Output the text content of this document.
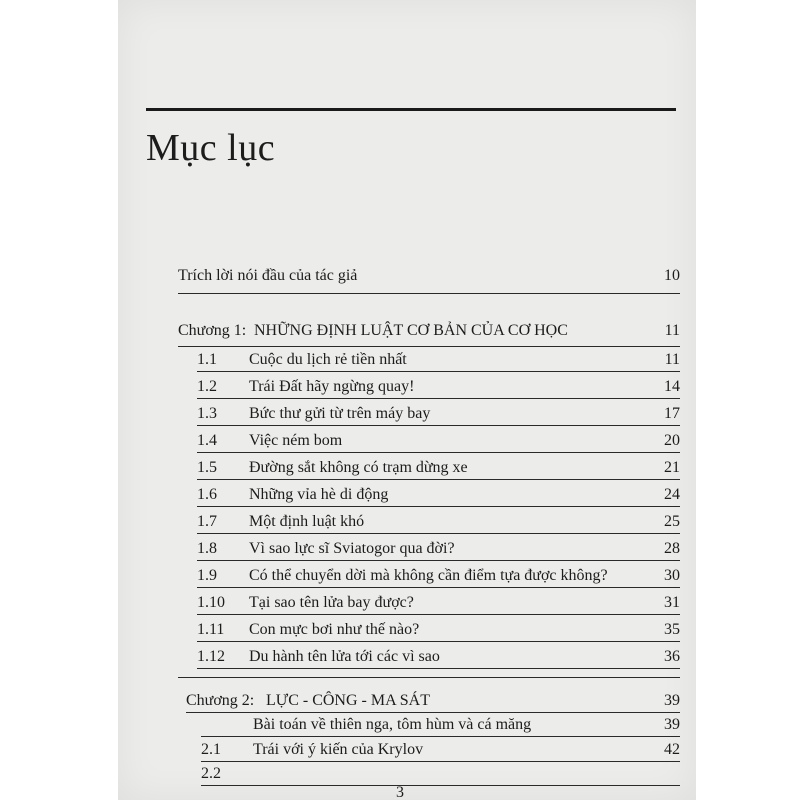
Mục lục
Trích lời nói đầu của tác giả	10
Chương 1: NHỮNG ĐỊNH LUẬT CƠ BẢN CỦA CƠ HỌC	11
1.1 Cuộc du lịch rẻ tiền nhất	11
1.2 Trái Đất hãy ngừng quay!	14
1.3 Bức thư gửi từ trên máy bay	17
1.4 Việc ném bom	20
1.5 Đường sắt không có trạm dừng xe	21
1.6 Những vỉa hè di động	24
1.7 Một định luật khó	25
1.8 Vì sao lực sĩ Sviatogor qua đời?	28
1.9 Có thể chuyển dời mà không cần điểm tựa được không?	30
1.10 Tại sao tên lửa bay được?	31
1.11 Con mực bơi như thế nào?	35
1.12 Du hành tên lửa tới các vì sao	36
Chương 2: LỰC - CÔNG - MA SÁT	39
Bài toán về thiên nga, tôm hùm và cá măng	39
2.1 Trái với ý kiến của Krylov	42
2.2
3
